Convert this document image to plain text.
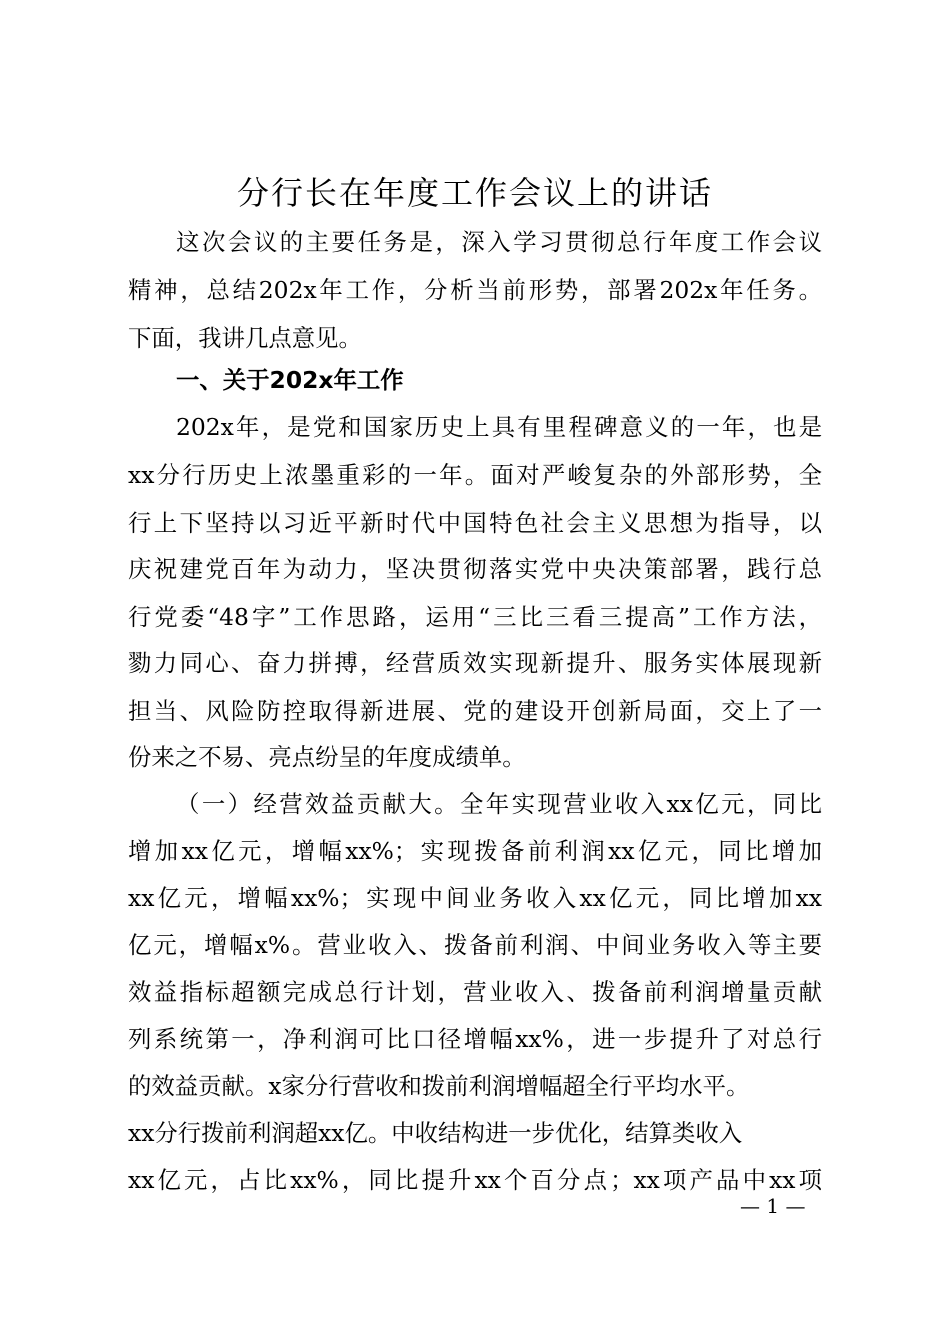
分行长在年度工作会议上的讲话
这次会议的主要任务是，深入学习贯彻总行年度工作会议
精神，总结202x年工作，分析当前形势，部署202x年任务。
下面，我讲几点意见。
一、关于202x年工作
202x年，是党和国家历史上具有里程碑意义的一年，也是
xx分行历史上浓墨重彩的一年。面对严峻复杂的外部形势，全
行上下坚持以习近平新时代中国特色社会主义思想为指导，以
庆祝建党百年为动力，坚决贯彻落实党中央决策部署，践行总
行党委“48字”工作思路，运用“三比三看三提高”工作方法，
勠力同心、奋力拼搏，经营质效实现新提升、服务实体展现新
担当、风险防控取得新进展、党的建设开创新局面，交上了一
份来之不易、亮点纷呈的年度成绩单。
（一）经营效益贡献大。全年实现营业收入xx亿元，同比
增加xx亿元，增幅xx%；实现拨备前利润xx亿元，同比增加
xx亿元，增幅xx%；实现中间业务收入xx亿元，同比增加xx
亿元，增幅x%。营业收入、拨备前利润、中间业务收入等主要
效益指标超额完成总行计划，营业收入、拨备前利润增量贡献
列系统第一，净利润可比口径增幅xx%，进一步提升了对总行
的效益贡献。x家分行营收和拨前利润增幅超全行平均水平。
xx分行拨前利润超xx亿。中收结构进一步优化，结算类收入
xx亿元，占比xx%，同比提升xx个百分点；xx项产品中xx项
— 1 —
